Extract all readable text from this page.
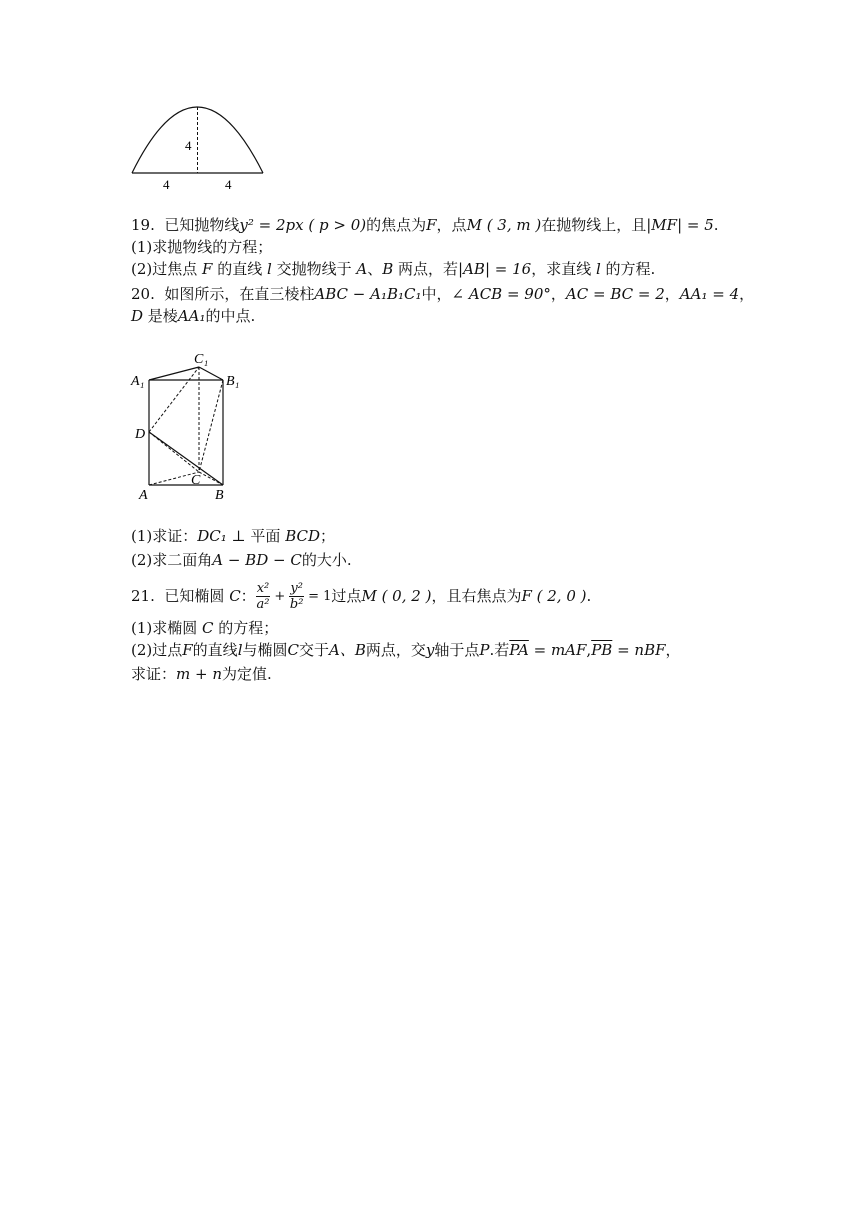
4
4	4
19. 已知抛物线y² = 2px ( p > 0)的焦点为F，点M ( 3, m )在抛物线上，且|MF| = 5.
(1)求抛物线的方程；
(2)过焦点 F 的直线 l 交抛物线于 A、B 两点，若|AB| = 16，求直线 l 的方程.
20. 如图所示，在直三棱柱ABC − A₁B₁C₁中，∠ ACB = 90°，AC = BC = 2，AA₁ = 4，
D 是棱AA₁的中点.
A₁
C₁
B₁
D
C
A	B
(1)求证：DC₁ ⊥ 平面 BCD；
(2)求二面角A − BD − C的大小.
21. 已知椭圆 C： $\frac{\text{x²}}{\text{a²}} + \frac{\text{y²}}{\text{b²}} = 1$过点M ( 0, 2 )，且右焦点为F ( 2, 0 ).
(1)求椭圆 C 的方程；
(2)过点F的直线l与椭圆C交于A、B两点，交y轴于点P.若$\overline{PA} = mAF,\overline{PB}$ = nBF，
求证：m + n为定值.
